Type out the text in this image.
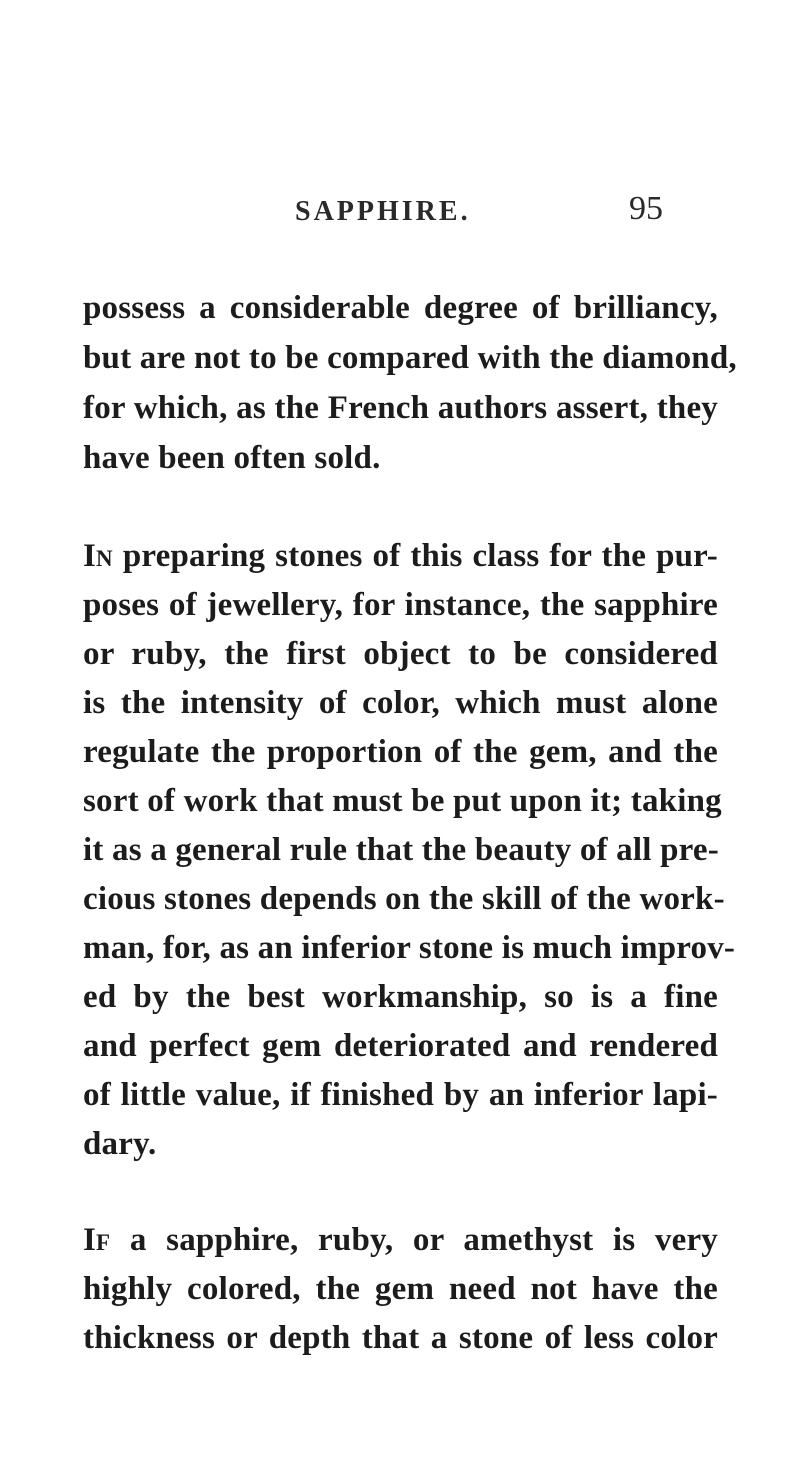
SAPPHIRE.	95
possess a considerable degree of brilliancy,
but are not to be compared with the diamond,
for which, as the French authors assert, they
have been often sold.
In preparing stones of this class for the pur-
poses of jewellery, for instance, the sapphire
or ruby, the first object to be considered
is the intensity of color, which must alone
regulate the proportion of the gem, and the
sort of work that must be put upon it; taking
it as a general rule that the beauty of all pre-
cious stones depends on the skill of the work-
man, for, as an inferior stone is much improv-
ed by the best workmanship, so is a fine
and perfect gem deteriorated and rendered
of little value, if finished by an inferior lapi-
dary.
If a sapphire, ruby, or amethyst is very
highly colored, the gem need not have the
thickness or depth that a stone of less color
